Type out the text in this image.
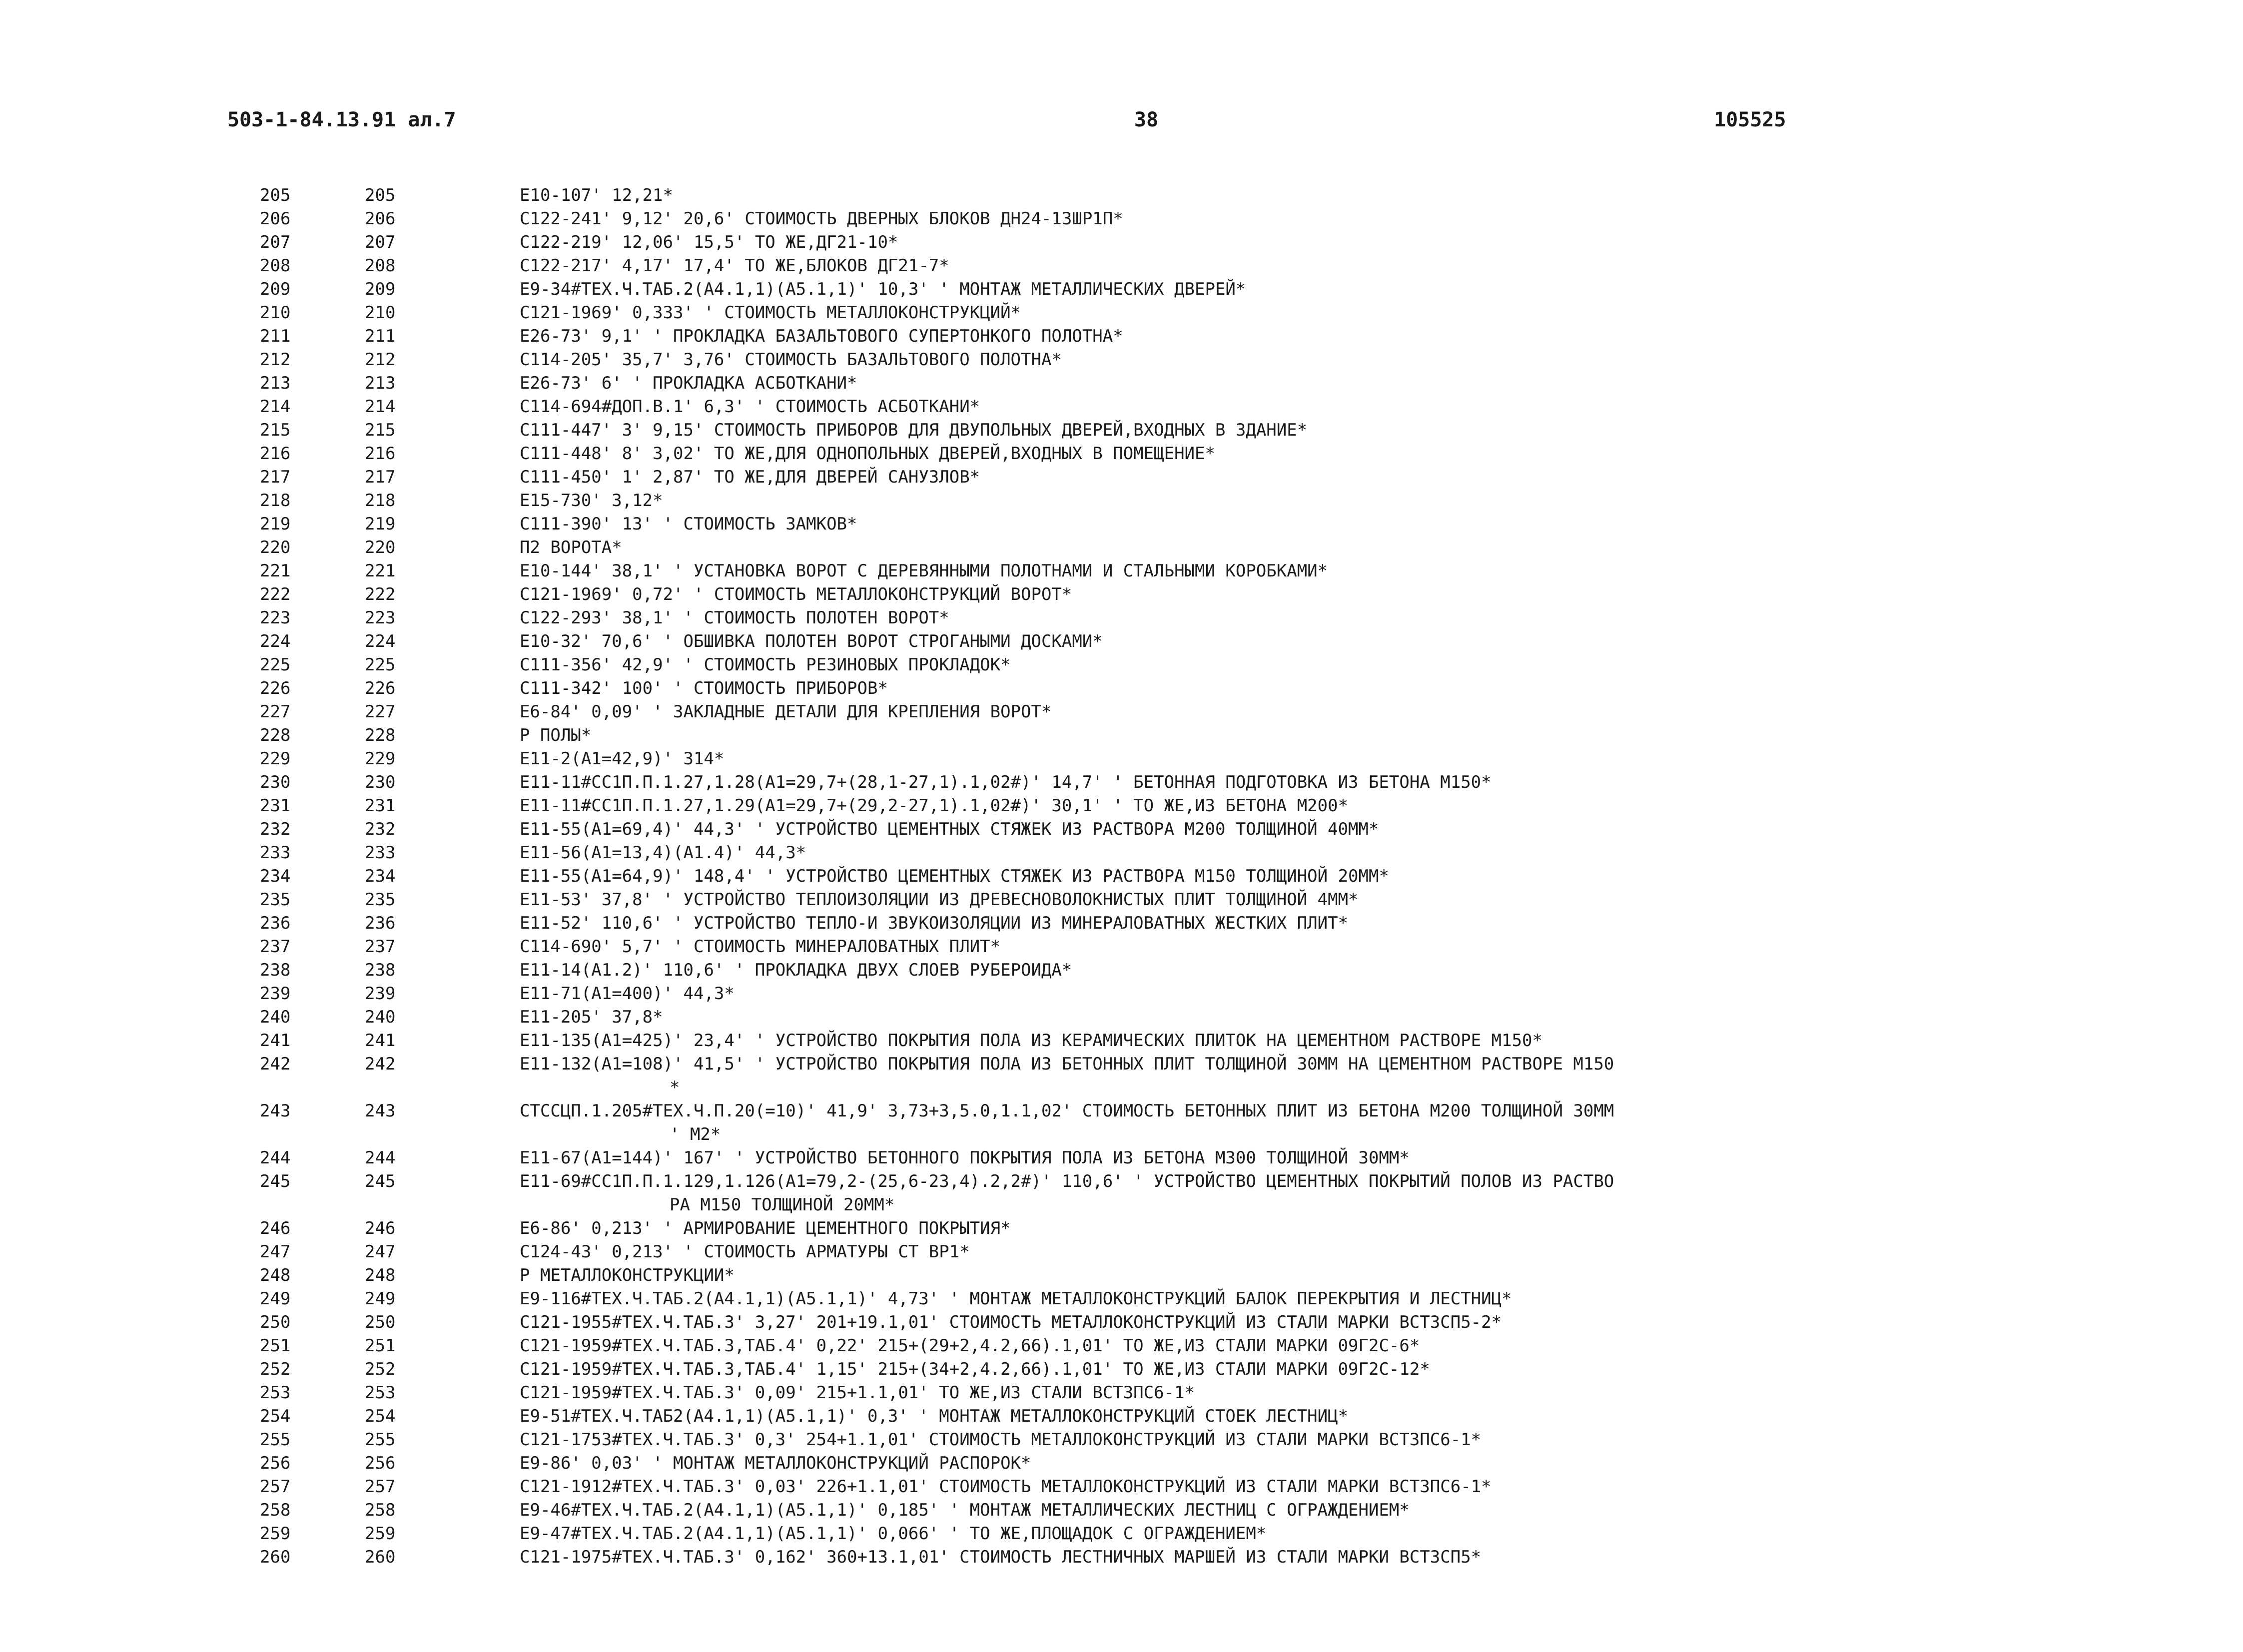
503-1-84.13.91 ал.7	38	105525
205	205	E10-107' 12,21*
206	206	C122-241' 9,12' 20,6' СТОИМОСТЬ ДВЕРНЫХ БЛОКОВ ДН24-13ШР1П*
207	207	C122-219' 12,06' 15,5' ТО ЖЕ,ДГ21-10*
208	208	C122-217' 4,17' 17,4' ТО ЖЕ,БЛОКОВ ДГ21-7*
209	209	E9-34#ТЕХ.Ч.ТАБ.2(А4.1,1)(А5.1,1)' 10,3' ' МОНТАЖ МЕТАЛЛИЧЕСКИХ ДВЕРЕЙ*
210	210	C121-1969' 0,333' ' СТОИМОСТЬ МЕТАЛЛОКОНСТРУКЦИЙ*
211	211	E26-73' 9,1' ' ПРОКЛАДКА БАЗАЛЬТОВОГО СУПЕРТОНКОГО ПОЛОТНА*
212	212	C114-205' 35,7' 3,76' СТОИМОСТЬ БАЗАЛЬТОВОГО ПОЛОТНА*
213	213	E26-73' 6' ' ПРОКЛАДКА АСБОТКАНИ*
214	214	C114-694#ДОП.В.1' 6,3' ' СТОИМОСТЬ АСБОТКАНИ*
215	215	C111-447' 3' 9,15' СТОИМОСТЬ ПРИБОРОВ ДЛЯ ДВУПОЛЬНЫХ ДВЕРЕЙ,ВХОДНЫХ В ЗДАНИЕ*
216	216	C111-448' 8' 3,02' ТО ЖЕ,ДЛЯ ОДНОПОЛЬНЫХ ДВЕРЕЙ,ВХОДНЫХ В ПОМЕЩЕНИЕ*
217	217	C111-450' 1' 2,87' ТО ЖЕ,ДЛЯ ДВЕРЕЙ САНУЗЛОВ*
218	218	E15-730' 3,12*
219	219	C111-390' 13' ' СТОИМОСТЬ ЗАМКОВ*
220	220	П2 ВОРОТА*
221	221	E10-144' 38,1' ' УСТАНОВКА ВОРОТ С ДЕРЕВЯННЫМИ ПОЛОТНАМИ И СТАЛЬНЫМИ КОРОБКАМИ*
222	222	C121-1969' 0,72' ' СТОИМОСТЬ МЕТАЛЛОКОНСТРУКЦИЙ ВОРОТ*
223	223	C122-293' 38,1' ' СТОИМОСТЬ ПОЛОТЕН ВОРОТ*
224	224	E10-32' 70,6' ' ОБШИВКА ПОЛОТЕН ВОРОТ СТРОГАНЫМИ ДОСКАМИ*
225	225	C111-356' 42,9' ' СТОИМОСТЬ РЕЗИНОВЫХ ПРОКЛАДОК*
226	226	C111-342' 100' ' СТОИМОСТЬ ПРИБОРОВ*
227	227	E6-84' 0,09' ' ЗАКЛАДНЫЕ ДЕТАЛИ ДЛЯ КРЕПЛЕНИЯ ВОРОТ*
228	228	Р ПОЛЫ*
229	229	E11-2(А1=42,9)' 314*
230	230	E11-11#СС1П.П.1.27,1.28(А1=29,7+(28,1-27,1).1,02#)' 14,7' ' БЕТОННАЯ ПОДГОТОВКА ИЗ БЕТОНА М150*
231	231	E11-11#СС1П.П.1.27,1.29(А1=29,7+(29,2-27,1).1,02#)' 30,1' ' ТО ЖЕ,ИЗ БЕТОНА М200*
232	232	E11-55(А1=69,4)' 44,3' ' УСТРОЙСТВО ЦЕМЕНТНЫХ СТЯЖЕК ИЗ РАСТВОРА М200 ТОЛЩИНОЙ 40ММ*
233	233	E11-56(А1=13,4)(А1.4)' 44,3*
234	234	E11-55(А1=64,9)' 148,4' ' УСТРОЙСТВО ЦЕМЕНТНЫХ СТЯЖЕК ИЗ РАСТВОРА М150 ТОЛЩИНОЙ 20ММ*
235	235	E11-53' 37,8' ' УСТРОЙСТВО ТЕПЛОИЗОЛЯЦИИ ИЗ ДРЕВЕСНОВОЛОКНИСТЫХ ПЛИТ ТОЛЩИНОЙ 4ММ*
236	236	E11-52' 110,6' ' УСТРОЙСТВО ТЕПЛО-И ЗВУКОИЗОЛЯЦИИ ИЗ МИНЕРАЛОВАТНЫХ ЖЕСТКИХ ПЛИТ*
237	237	C114-690' 5,7' ' СТОИМОСТЬ МИНЕРАЛОВАТНЫХ ПЛИТ*
238	238	E11-14(А1.2)' 110,6' ' ПРОКЛАДКА ДВУХ СЛОЕВ РУБЕРОИДА*
239	239	E11-71(А1=400)' 44,3*
240	240	E11-205' 37,8*
241	241	E11-135(А1=425)' 23,4' ' УСТРОЙСТВО ПОКРЫТИЯ ПОЛА ИЗ КЕРАМИЧЕСКИХ ПЛИТОК НА ЦЕМЕНТНОМ РАСТВОРЕ М150*
242	242	E11-132(А1=108)' 41,5' ' УСТРОЙСТВО ПОКРЫТИЯ ПОЛА ИЗ БЕТОННЫХ ПЛИТ ТОЛЩИНОЙ 30ММ НА ЦЕМЕНТНОМ РАСТВОРЕ М150
*
243	243	СТССЦП.1.205#ТЕХ.Ч.П.20(=10)' 41,9' 3,73+3,5.0,1.1,02' СТОИМОСТЬ БЕТОННЫХ ПЛИТ ИЗ БЕТОНА М200 ТОЛЩИНОЙ 30ММ
' М2*
244	244	E11-67(А1=144)' 167' ' УСТРОЙСТВО БЕТОННОГО ПОКРЫТИЯ ПОЛА ИЗ БЕТОНА М300 ТОЛЩИНОЙ 30ММ*
245	245	E11-69#СС1П.П.1.129,1.126(А1=79,2-(25,6-23,4).2,2#)' 110,6' ' УСТРОЙСТВО ЦЕМЕНТНЫХ ПОКРЫТИЙ ПОЛОВ ИЗ РАСТВО
РА М150 ТОЛЩИНОЙ 20ММ*
246	246	E6-86' 0,213' ' АРМИРОВАНИЕ ЦЕМЕНТНОГО ПОКРЫТИЯ*
247	247	C124-43' 0,213' ' СТОИМОСТЬ АРМАТУРЫ СТ ВР1*
248	248	Р МЕТАЛЛОКОНСТРУКЦИИ*
249	249	E9-116#ТЕХ.Ч.ТАБ.2(А4.1,1)(А5.1,1)' 4,73' ' МОНТАЖ МЕТАЛЛОКОНСТРУКЦИЙ БАЛОК ПЕРЕКРЫТИЯ И ЛЕСТНИЦ*
250	250	C121-1955#ТЕХ.Ч.ТАБ.3' 3,27' 201+19.1,01' СТОИМОСТЬ МЕТАЛЛОКОНСТРУКЦИЙ ИЗ СТАЛИ МАРКИ ВСТ3СП5-2*
251	251	C121-1959#ТЕХ.Ч.ТАБ.3,ТАБ.4' 0,22' 215+(29+2,4.2,66).1,01' ТО ЖЕ,ИЗ СТАЛИ МАРКИ 09Г2С-6*
252	252	C121-1959#ТЕХ.Ч.ТАБ.3,ТАБ.4' 1,15' 215+(34+2,4.2,66).1,01' ТО ЖЕ,ИЗ СТАЛИ МАРКИ 09Г2С-12*
253	253	C121-1959#ТЕХ.Ч.ТАБ.3' 0,09' 215+1.1,01' ТО ЖЕ,ИЗ СТАЛИ ВСТ3ПС6-1*
254	254	E9-51#ТЕХ.Ч.ТАБ2(А4.1,1)(А5.1,1)' 0,3' ' МОНТАЖ МЕТАЛЛОКОНСТРУКЦИЙ СТОЕК ЛЕСТНИЦ*
255	255	C121-1753#ТЕХ.Ч.ТАБ.3' 0,3' 254+1.1,01' СТОИМОСТЬ МЕТАЛЛОКОНСТРУКЦИЙ ИЗ СТАЛИ МАРКИ ВСТ3ПС6-1*
256	256	E9-86' 0,03' ' МОНТАЖ МЕТАЛЛОКОНСТРУКЦИЙ РАСПОРОК*
257	257	C121-1912#ТЕХ.Ч.ТАБ.3' 0,03' 226+1.1,01' СТОИМОСТЬ МЕТАЛЛОКОНСТРУКЦИЙ ИЗ СТАЛИ МАРКИ ВСТ3ПС6-1*
258	258	E9-46#ТЕХ.Ч.ТАБ.2(А4.1,1)(А5.1,1)' 0,185' ' МОНТАЖ МЕТАЛЛИЧЕСКИХ ЛЕСТНИЦ С ОГРАЖДЕНИЕМ*
259	259	E9-47#ТЕХ.Ч.ТАБ.2(А4.1,1)(А5.1,1)' 0,066' ' ТО ЖЕ,ПЛОЩАДОК С ОГРАЖДЕНИЕМ*
260	260	C121-1975#ТЕХ.Ч.ТАБ.3' 0,162' 360+13.1,01' СТОИМОСТЬ ЛЕСТНИЧНЫХ МАРШЕЙ ИЗ СТАЛИ МАРКИ ВСТ3СП5*
